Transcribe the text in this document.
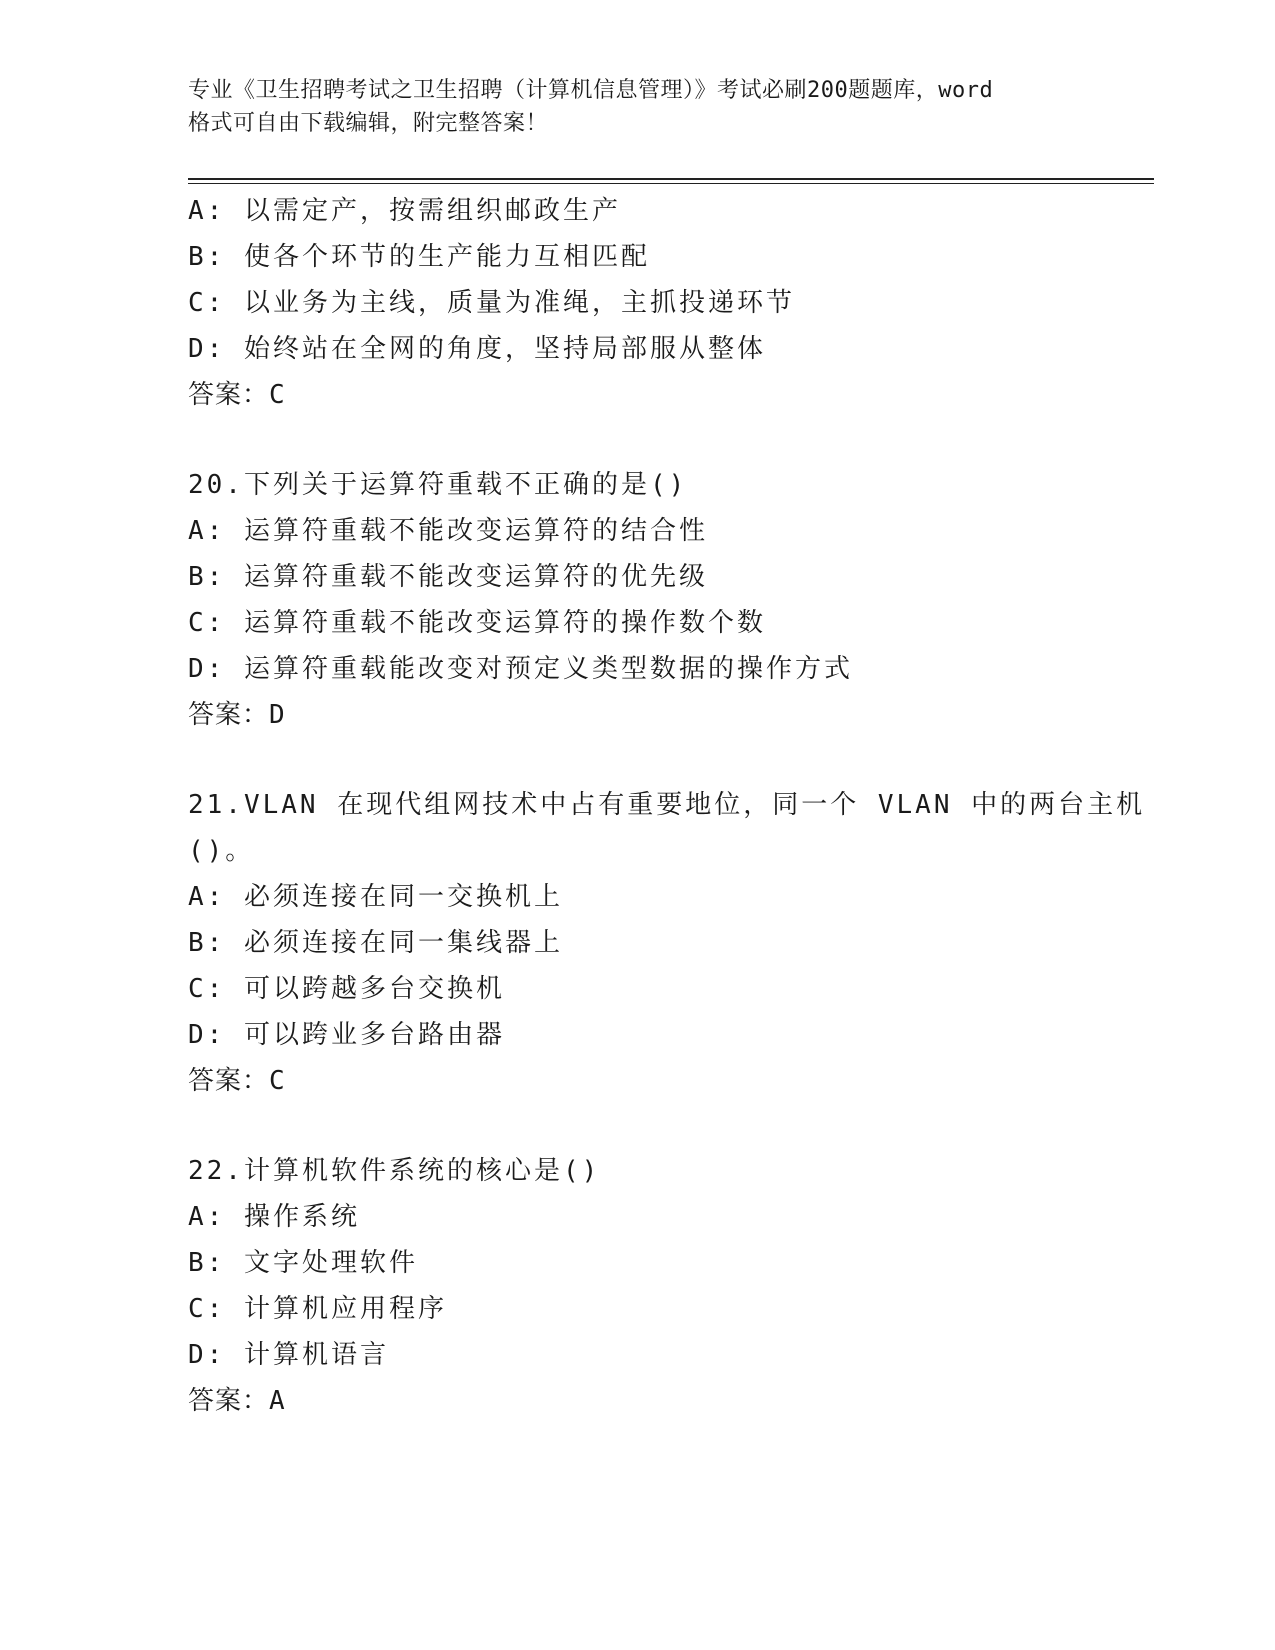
专业《卫生招聘考试之卫生招聘（计算机信息管理）》考试必刷200题题库，word
格式可自由下载编辑，附完整答案！
A: 以需定产，按需组织邮政生产
B: 使各个环节的生产能力互相匹配
C: 以业务为主线，质量为准绳，主抓投递环节
D: 始终站在全网的角度，坚持局部服从整体
答案：C
20.下列关于运算符重载不正确的是()
A: 运算符重载不能改变运算符的结合性
B: 运算符重载不能改变运算符的优先级
C: 运算符重载不能改变运算符的操作数个数
D: 运算符重载能改变对预定义类型数据的操作方式
答案：D
21.VLAN 在现代组网技术中占有重要地位，同一个 VLAN 中的两台主机
()。
A: 必须连接在同一交换机上
B: 必须连接在同一集线器上
C: 可以跨越多台交换机
D: 可以跨业多台路由器
答案：C
22.计算机软件系统的核心是()
A: 操作系统
B: 文字处理软件
C: 计算机应用程序
D: 计算机语言
答案：A
